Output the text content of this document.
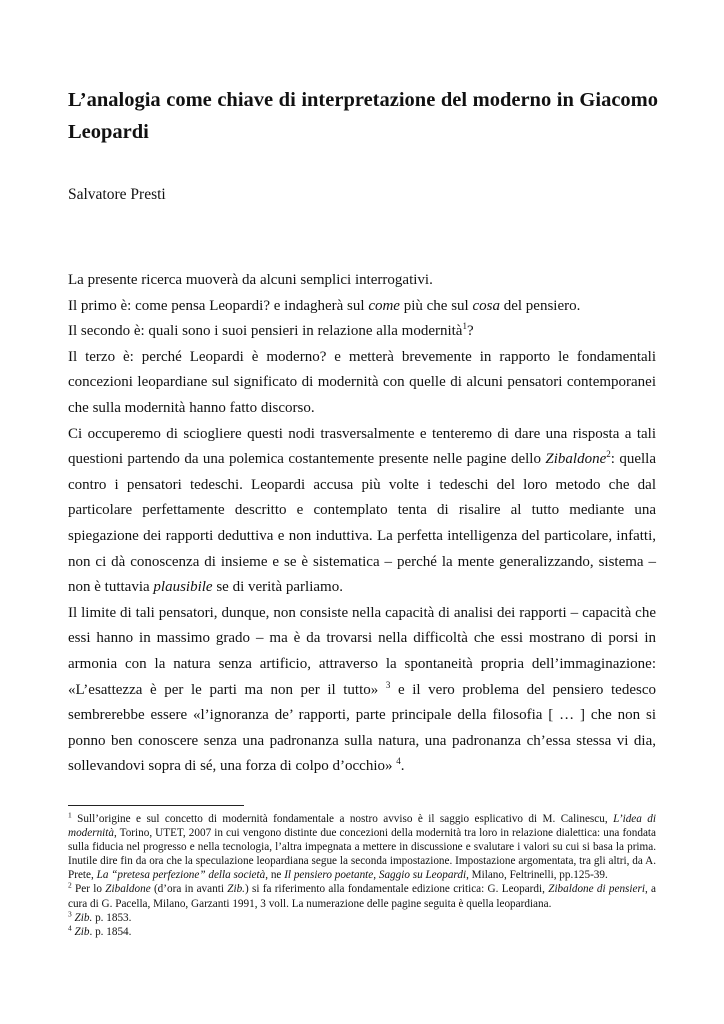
L’analogia come chiave di interpretazione del moderno in Giacomo Leopardi
Salvatore Presti

La presente ricerca muoverà da alcuni semplici interrogativi.

Il primo è: come pensa Leopardi? e indagherà sul come più che sul cosa del pensiero.

Il secondo è: quali sono i suoi pensieri in relazione alla modernità$^1$?

Il terzo è: perché Leopardi è moderno? e metterà brevemente in rapporto le fondamentali concezioni leopardiane sul significato di modernità con quelle di alcuni pensatori contemporanei che sulla modernità hanno fatto discorso.

Ci occuperemo di sciogliere questi nodi trasversalmente e tenteremo di dare una risposta a tali questioni partendo da una polemica costantemente presente nelle pagine dello Zibaldone$^2$: quella contro i pensatori tedeschi. Leopardi accusa più volte i tedeschi del loro metodo che dal particolare perfettamente descritto e contemplato tenta di risalire al tutto mediante una spiegazione dei rapporti deduttiva e non induttiva. La perfetta intelligenza del particolare, infatti, non ci dà conoscenza di insieme e se è sistematica – perché la mente generalizzando, sistema – non è tuttavia plausibile se di verità parliamo.

Il limite di tali pensatori, dunque, non consiste nella capacità di analisi dei rapporti – capacità che essi hanno in massimo grado – ma è da trovarsi nella difficoltà che essi mostrano di porsi in armonia con la natura senza artificio, attraverso la spontaneità propria dell’immaginazione: «L’esattezza è per le parti ma non per il tutto» $^3$ e il vero problema del pensiero tedesco sembrerebbe essere «l’ignoranza de’ rapporti, parte principale della filosofia [ … ] che non si ponno ben conoscere senza una padronanza sulla natura, una padronanza ch’essa stessa vi dia, sollevandovi sopra di sé, una forza di colpo d’occhio» $^4$.

$^1$ Sull’origine e sul concetto di modernità fondamentale a nostro avviso è il saggio esplicativo di M. Calinescu, L’idea di modernità, Torino, UTET, 2007 in cui vengono distinte due concezioni della modernità tra loro in relazione dialettica: una fondata sulla fiducia nel progresso e nella tecnologia, l’altra impegnata a mettere in discussione e svalutare i valori su cui si basa la prima. Inutile dire fin da ora che la speculazione leopardiana segue la seconda impostazione. Impostazione argomentata, tra gli altri, da A. Prete, La “pretesa perfezione” della società, ne Il pensiero poetante, Saggio su Leopardi, Milano, Feltrinelli, pp.125-39.

$^2$ Per lo Zibaldone (d’ora in avanti Zib.) si fa riferimento alla fondamentale edizione critica: G. Leopardi, Zibaldone di pensieri, a cura di G. Pacella, Milano, Garzanti 1991, 3 voll. La numerazione delle pagine seguita è quella leopardiana.

$^3$ Zib. p. 1853.

$^4$ Zib. p. 1854.
